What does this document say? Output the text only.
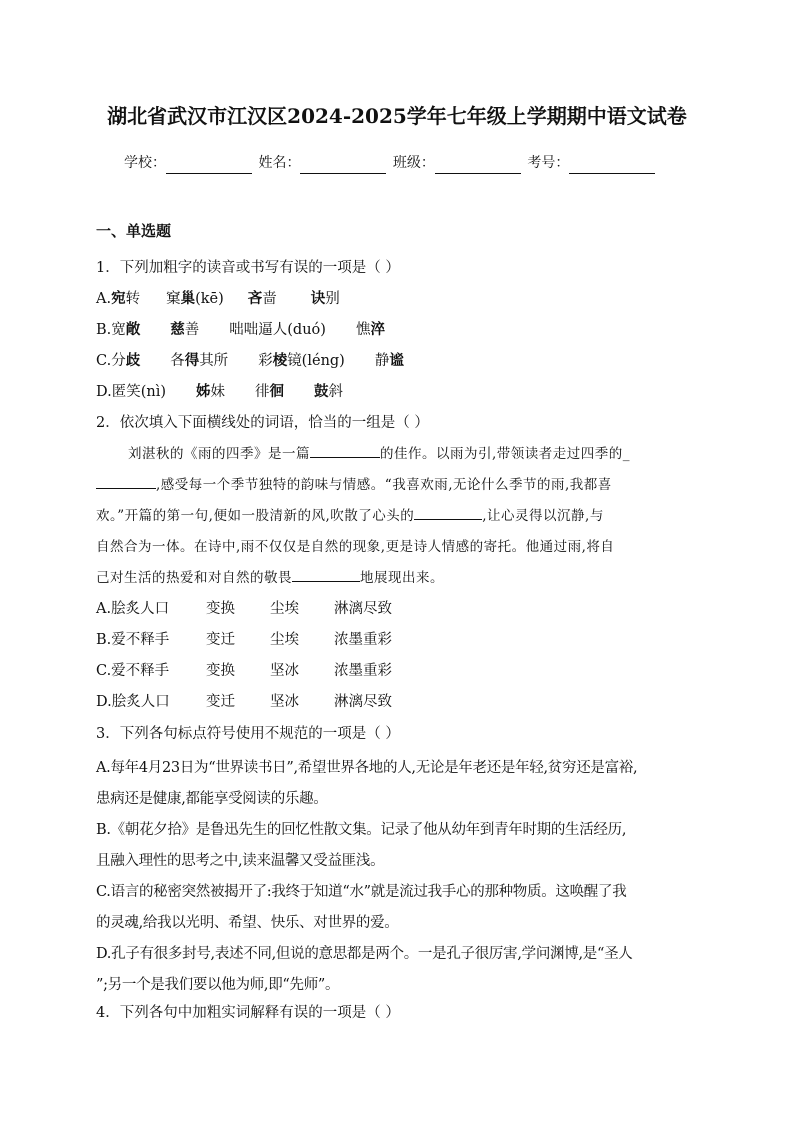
湖北省武汉市江汉区2024-2025学年七年级上学期期中语文试卷
学校：	姓名：	班级：	考号：
一、单选题
1．下列加粗字的读音或书写有误的一项是（ ）
A.宛转 窠巢(kē) 吝啬 诀别
B.宽敞 慈善 咄咄逼人(duó) 憔淬
C.分歧 各得其所 彩棱镜(léng) 静谧
D.匿笑(nì) 姊妹 徘徊 鼓斜
2．依次填入下面横线处的词语，恰当的一组是（ ）

刘湛秋的《雨的四季》是一篇	的佳作。以雨为引,带领读者走过四季的_

,感受每一个季节独特的韵味与情感。“我喜欢雨,无论什么季节的雨,我都喜

欢。”开篇的第一句,便如一股清新的风,吹散了心头的	,让心灵得以沉静,与

自然合为一体。在诗中,雨不仅仅是自然的现象,更是诗人情感的寄托。他通过雨,将自

己对生活的热爱和对自然的敬畏	地展现出来。

A.脍炙人口	变换 尘埃 淋漓尽致
B.爱不释手	变迁 尘埃 浓墨重彩
C.爱不释手	变换 坚冰 浓墨重彩
D.脍炙人口	变迁 坚冰 淋漓尽致
3．下列各句标点符号使用不规范的一项是（ ）

A.每年4月23日为“世界读书日”,希望世界各地的人,无论是年老还是年轻,贫穷还是富裕,

患病还是健康,都能享受阅读的乐趣。

B.《朝花夕拾》是鲁迅先生的回忆性散文集。记录了他从幼年到青年时期的生活经历,

且融入理性的思考之中,读来温馨又受益匪浅。

C.语言的秘密突然被揭开了:我终于知道“水”就是流过我手心的那种物质。这唤醒了我

的灵魂,给我以光明、希望、快乐、对世界的爱。

D.孔子有很多封号,表述不同,但说的意思都是两个。一是孔子很厉害,学问渊博,是“圣人

”;另一个是我们要以他为师,即“先师”。

4．下列各句中加粗实词解释有误的一项是（ ）
